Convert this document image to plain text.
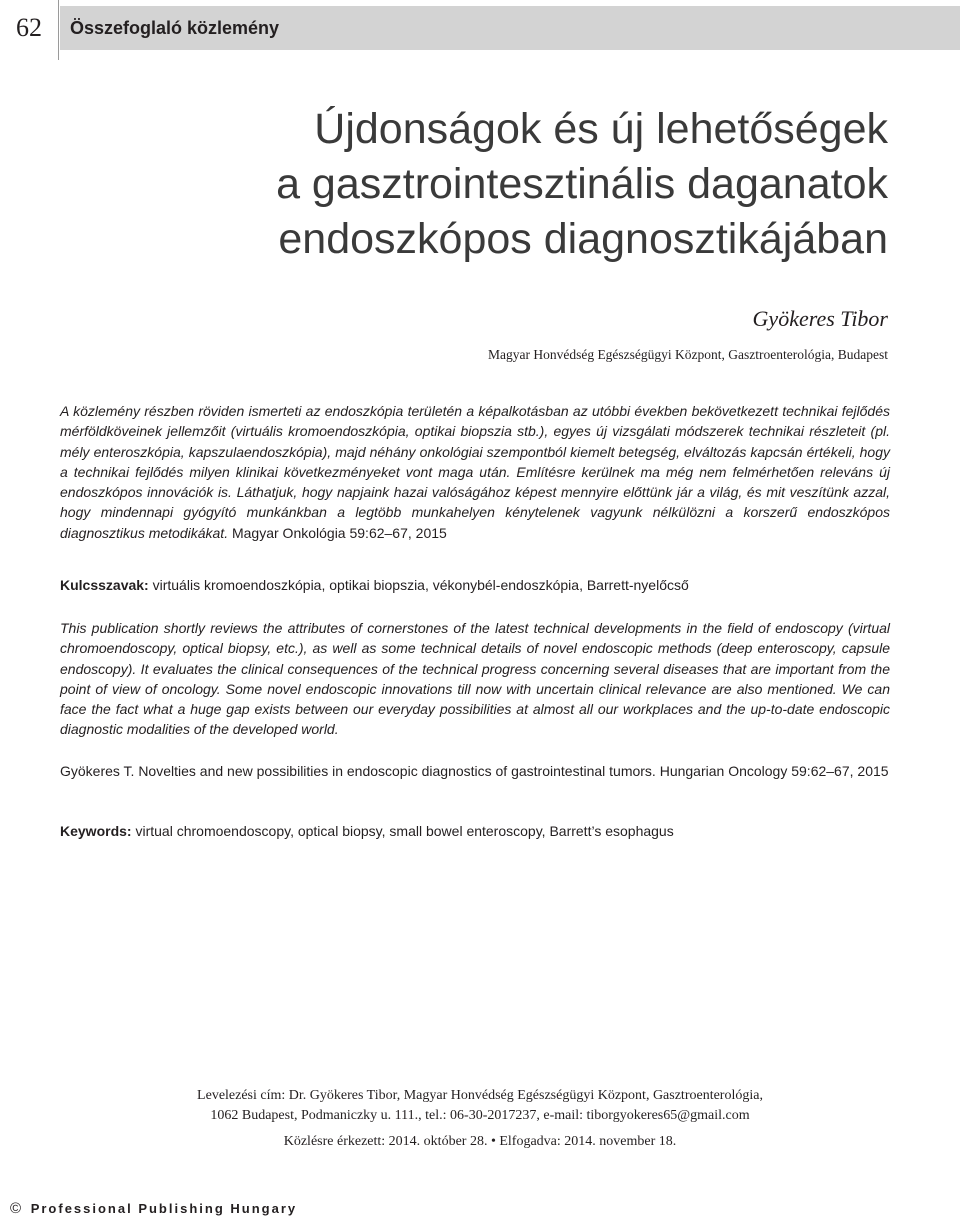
62	Összefoglaló közlemény
Újdonságok és új lehetőségek
a gasztrointesztinális daganatok
endoszkópos diagnosztikájában
Gyökeres Tibor
Magyar Honvédség Egészségügyi Központ, Gasztroenterológia, Budapest
A közlemény részben röviden ismerteti az endoszkópia területén a képalkotásban az utóbbi években bekövetkezett technikai fejlődés mérföldköveinek jellemzőit (virtuális kromoendoszkópia, optikai biopszia stb.), egyes új vizsgálati módszerek technikai részleteit (pl. mély enteroszkópia, kapszulaendoszkópia), majd néhány onkológiai szempontból kiemelt betegség, elváltozás kapcsán értékeli, hogy a technikai fejlődés milyen klinikai következményeket vont maga után. Említésre kerülnek ma még nem felmérhetően releváns új endoszkópos innovációk is. Láthatjuk, hogy napjaink hazai valóságához képest mennyire előttünk jár a világ, és mit veszítünk azzal, hogy mindennapi gyógyító munkánkban a legtöbb munkahelyen kénytelenek vagyunk nélkülözni a korszerű endoszkópos diagnosztikus metodikákat. Magyar Onkológia 59:62–67, 2015
Kulcsszavak: virtuális kromoendoszkópia, optikai biopszia, vékonybél-endoszkópia, Barrett-nyelőcső
This publication shortly reviews the attributes of cornerstones of the latest technical developments in the field of endoscopy (virtual chromoendoscopy, optical biopsy, etc.), as well as some technical details of novel endoscopic methods (deep enteroscopy, capsule endoscopy). It evaluates the clinical consequences of the technical progress concerning several diseases that are important from the point of view of oncology. Some novel endoscopic innovations till now with uncertain clinical relevance are also mentioned. We can face the fact what a huge gap exists between our everyday possibilities at almost all our workplaces and the up-to-date endoscopic diagnostic modalities of the developed world.
Gyökeres T. Novelties and new possibilities in endoscopic diagnostics of gastrointestinal tumors. Hungarian Oncology 59:62–67, 2015
Keywords: virtual chromoendoscopy, optical biopsy, small bowel enteroscopy, Barrett’s esophagus
Levelezési cím: Dr. Gyökeres Tibor, Magyar Honvédség Egészségügyi Központ, Gasztroenterológia,
1062 Budapest, Podmaniczky u. 111., tel.: 06-30-2017237, e-mail: tiborgyokeres65@gmail.com
Közlésre érkezett: 2014. október 28. • Elfogadva: 2014. november 18.
© Professional Publishing Hungary
